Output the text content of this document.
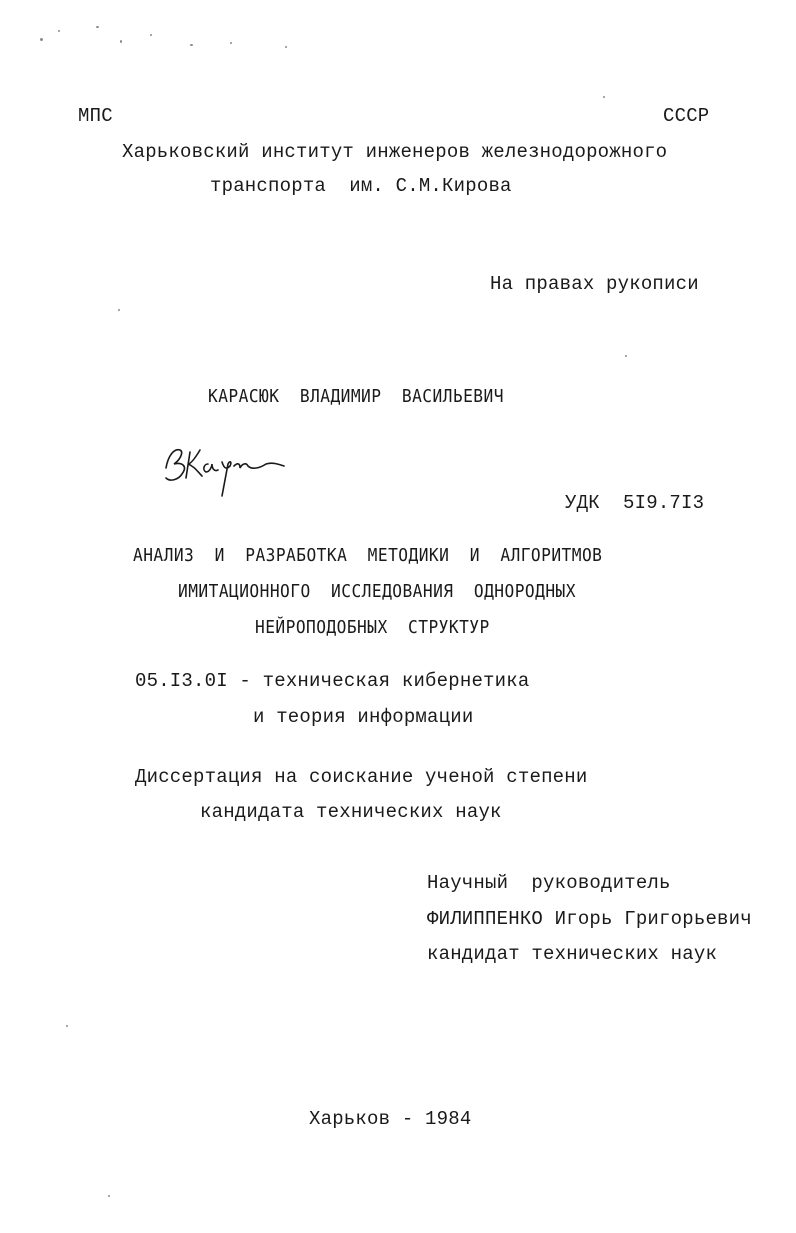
МПС	СССР
Харьковский институт инженеров железнодорожного
транспорта  им. С.М.Кирова
На правах рукописи
КАРАСЮК  ВЛАДИМИР  ВАСИЛЬЕВИЧ
УДК  5I9.7I3
АНАЛИЗ  И  РАЗРАБОТКА  МЕТОДИКИ  И  АЛГОРИТМОВ
ИМИТАЦИОННОГО  ИССЛЕДОВАНИЯ  ОДНОРОДНЫХ
НЕЙРОПОДОБНЫХ  СТРУКТУР
05.I3.0I - техническая кибернетика
и теория информации
Диссертация на соискание ученой степени
кандидата технических наук
Научный  руководитель
ФИЛИППЕНКО Игорь Григорьевич
кандидат технических наук
Харьков - 1984
